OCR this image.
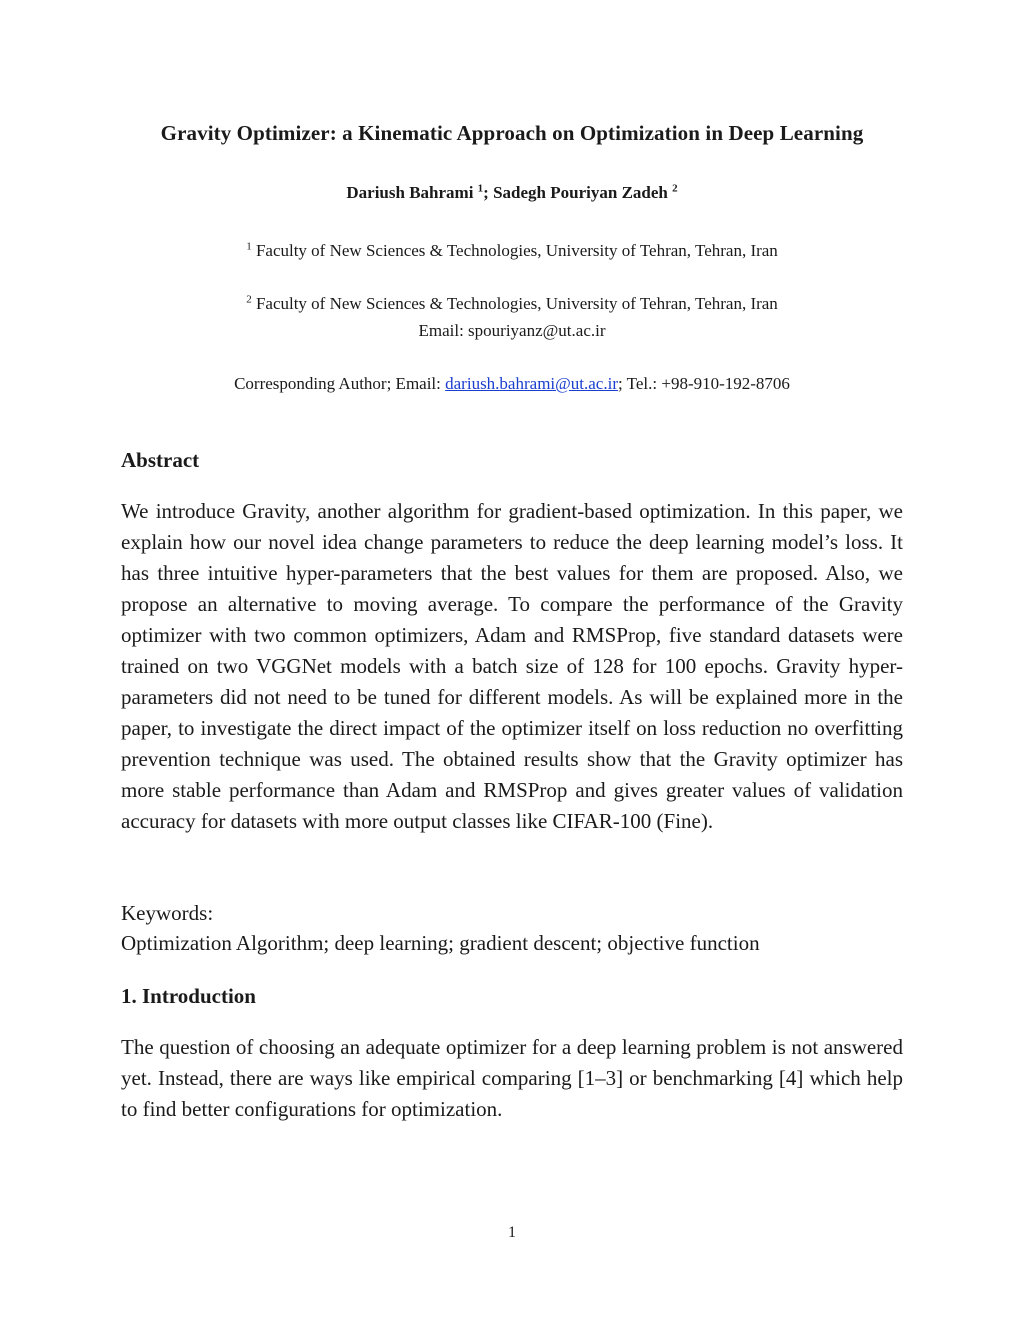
Gravity Optimizer: a Kinematic Approach on Optimization in Deep Learning
Dariush Bahrami $^1$; Sadegh Pouriyan Zadeh $^2$
$^1$ Faculty of New Sciences & Technologies, University of Tehran, Tehran, Iran
$^2$ Faculty of New Sciences & Technologies, University of Tehran, Tehran, Iran
Email: spouriyanz@ut.ac.ir
Corresponding Author; Email: dariush.bahrami@ut.ac.ir; Tel.: +98-910-192-8706
Abstract
We introduce Gravity, another algorithm for gradient-based optimization. In this paper, we explain how our novel idea change parameters to reduce the deep learning model’s loss. It has three intuitive hyper-parameters that the best values for them are proposed. Also, we propose an alternative to moving average. To compare the performance of the Gravity optimizer with two common optimizers, Adam and RMSProp, five standard datasets were trained on two VGGNet models with a batch size of 128 for 100 epochs. Gravity hyper-parameters did not need to be tuned for different models. As will be explained more in the paper, to investigate the direct impact of the optimizer itself on loss reduction no overfitting prevention technique was used. The obtained results show that the Gravity optimizer has more stable performance than Adam and RMSProp and gives greater values of validation accuracy for datasets with more output classes like CIFAR-100 (Fine).
Keywords:
Optimization Algorithm; deep learning; gradient descent; objective function
1. Introduction
The question of choosing an adequate optimizer for a deep learning problem is not answered yet. Instead, there are ways like empirical comparing [1–3] or benchmarking [4] which help to find better configurations for optimization.
1
